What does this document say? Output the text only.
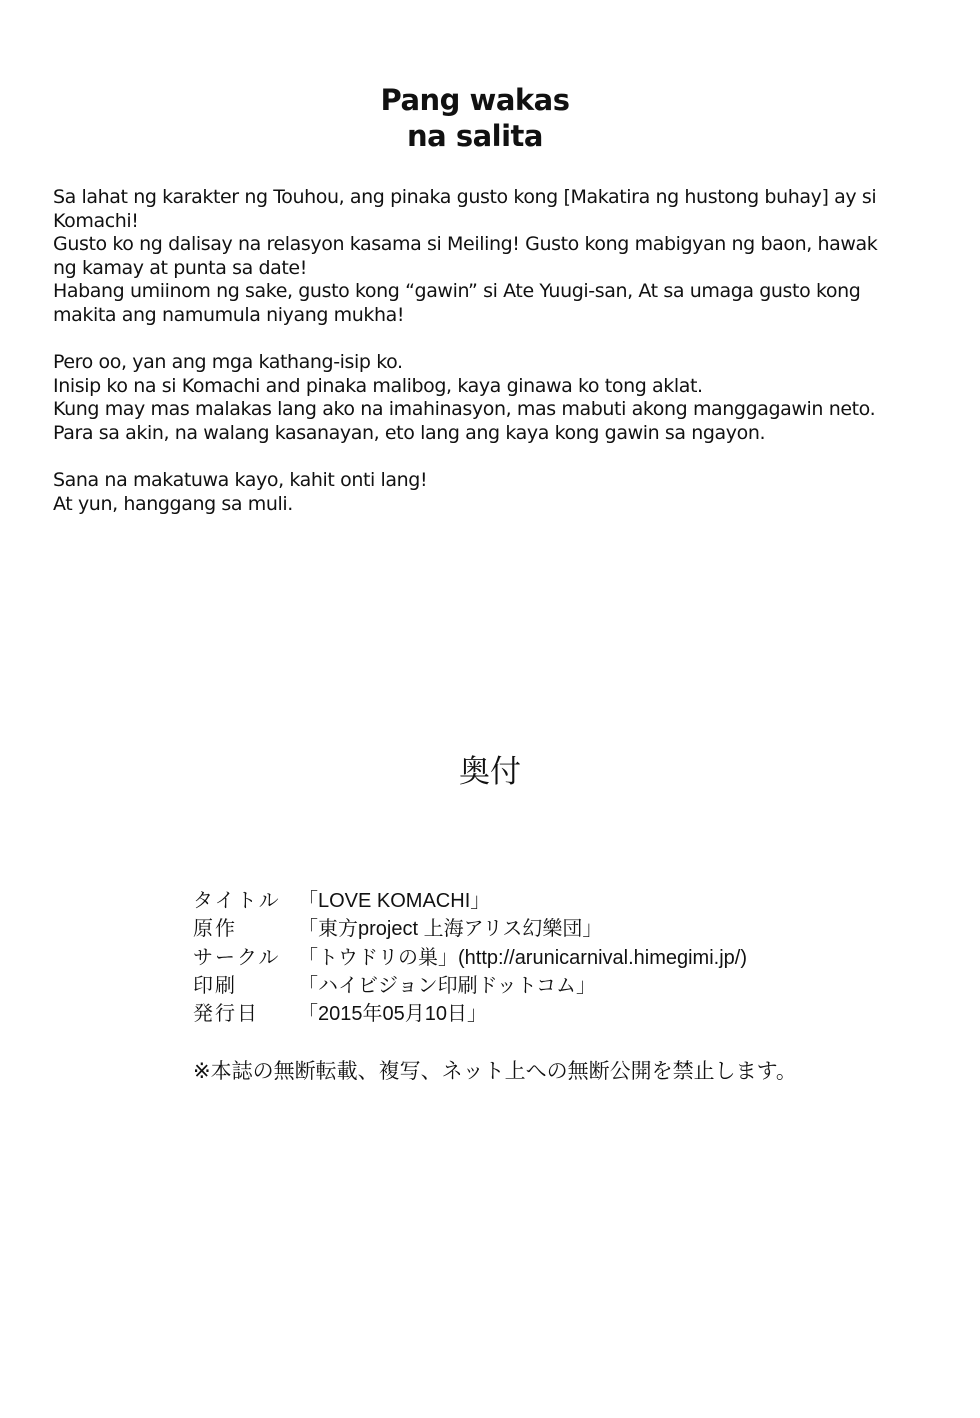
Pang wakas
na salita
Sa lahat ng karakter ng Touhou, ang pinaka gusto kong [Makatira ng hustong buhay] ay si
Komachi!
Gusto ko ng dalisay na relasyon kasama si Meiling! Gusto kong mabigyan ng baon, hawak
ng kamay at punta sa date!
Habang umiinom ng sake, gusto kong “gawin” si Ate Yuugi-san, At sa umaga gusto kong
makita ang namumula niyang mukha!
Pero oo, yan ang mga kathang-isip ko.
Inisip ko na si Komachi and pinaka malibog, kaya ginawa ko tong aklat.
Kung may mas malakas lang ako na imahinasyon, mas mabuti akong manggagawin neto.
Para sa akin, na walang kasanayan, eto lang ang kaya kong gawin sa ngayon.
Sana na makatuwa kayo, kahit onti lang!
At yun, hanggang sa muli.
奥付
タイトル 「LOVE KOMACHI」
原作	「東方project 上海アリス幻樂団」
サークル 「トウドリの巣」(http://arunicarnival.himegimi.jp/)
印刷	「ハイビジョン印刷ドットコム」
発行日	「2015年05月10日」
※本誌の無断転載、複写、ネット上への無断公開を禁止します。
